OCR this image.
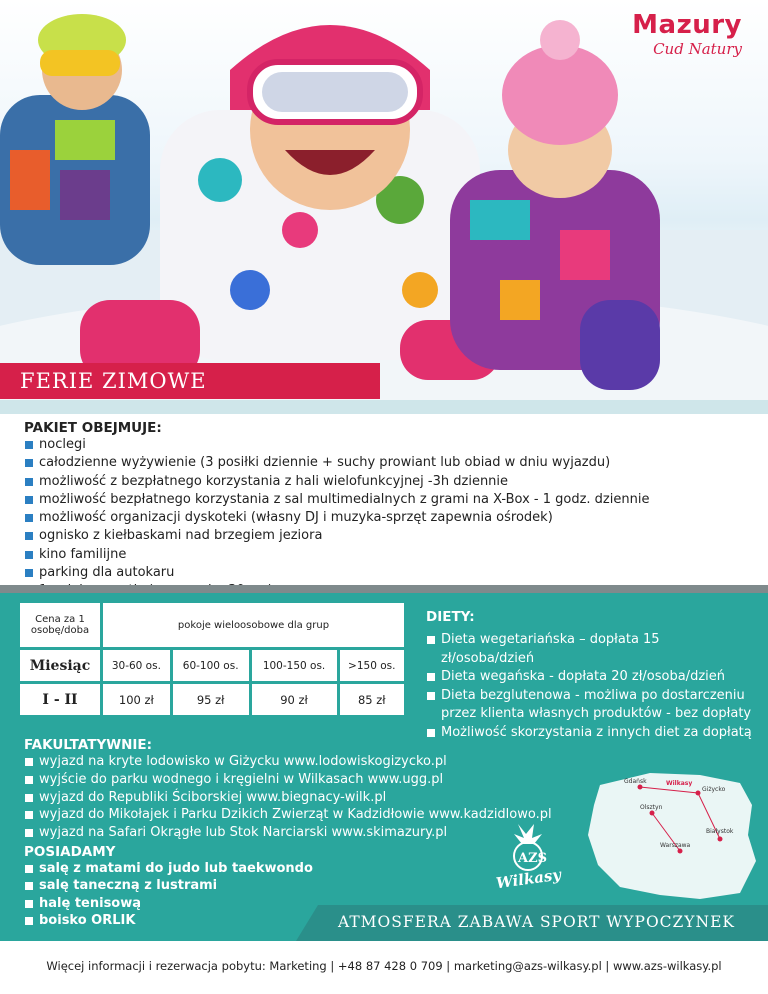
Mazury
Cud Natury
FERIE ZIMOWE
PAKIET OBEJMUJE:
noclegi
całodzienne wyżywienie (3 posiłki dziennie + suchy prowiant lub obiad w dniu wyjazdu)
możliwość z bezpłatnego korzystania z hali wielofunkcyjnej -3h dziennie
możliwość bezpłatnego korzystania z sal multimedialnych z grami na X-Box - 1 godz. dziennie
możliwość organizacji dyskoteki (własny DJ i muzyka-sprzęt zapewnia ośrodek)
ognisko z kiełbaskami nad brzegiem jeziora
kino familijne
parking dla autokaru
Cena za 1 osobę/doba	pokoje wieloosobowe dla grup			
Miesiąc	30-60 os.	60-100 os.	100-150 os.	>150 os.
I - II	100 zł	95 zł	90 zł	85 zł
DIETY:
Dieta wegetariańska – dopłata 15 zł/osoba/dzień
Dieta wegańska - dopłata 20 zł/osoba/dzień
Dieta bezglutenowa - możliwa po dostarczeniu przez klienta własnych produktów - bez dopłaty
Możliwość skorzystania z innych diet za dopłatą
FAKULTATYWNIE:
wyjazd na kryte lodowisko w Giżycku www.lodowiskogizycko.pl
wyjście do parku wodnego i kręgielni w Wilkasach www.ugg.pl
wyjazd do Republiki Ściborskiej www.biegnacy-wilk.pl
wyjazd do Mikołajek i Parku Dzikich Zwierząt w Kadzidłowie www.kadzidlowo.pl
wyjazd na Safari Okrągłe lub Stok Narciarski www.skimazury.pl
Gdańsk	Wilkasy
Giżycko
Olsztyn
Białystok
Warszawa
AZS
Wilkasy
POSIADAMY
salę z matami do judo lub taekwondo
salę taneczną z lustrami
halę tenisową
boisko ORLIK	ATMOSFERA ZABAWA SPORT WYPOCZYNEK
Więcej informacji i rezerwacja pobytu: Marketing | +48 87 428 0 709 | marketing@azs-wilkasy.pl | www.azs-wilkasy.pl
